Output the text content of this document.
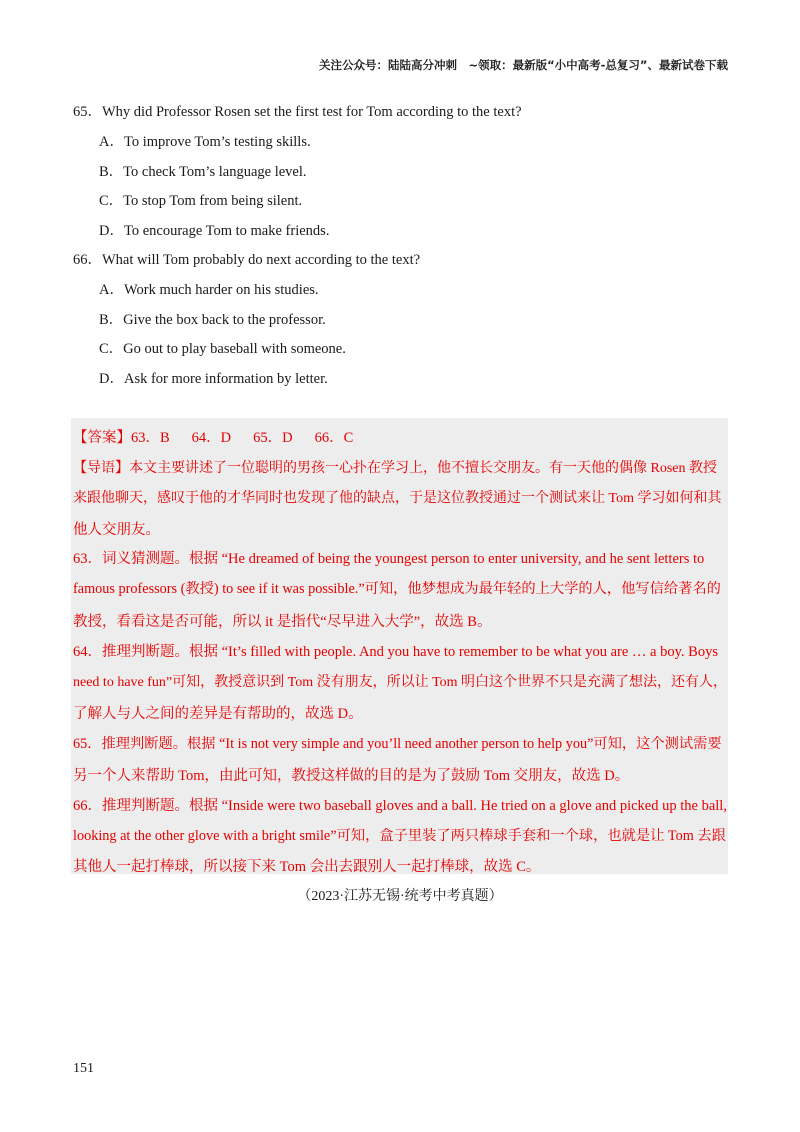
关注公众号：陆陆高分冲刺　~领取：最新版“小中高考-总复习”、最新试卷下载
65．Why did Professor Rosen set the first test for Tom according to the text?
A．To improve Tom’s testing skills.
B．To check Tom’s language level.
C．To stop Tom from being silent.
D．To encourage Tom to make friends.
66．What will Tom probably do next according to the text?
A．Work much harder on his studies.
B．Give the box back to the professor.
C．Go out to play baseball with someone.
D．Ask for more information by letter.
【答案】63．B 64．D 65．D 66．C
【导语】本文主要讲述了一位聪明的男孩一心扑在学习上，他不擅长交朋友。有一天他的偶像 Rosen 教授
来跟他聊天，感叹于他的才华同时也发现了他的缺点，于是这位教授通过一个测试来让 Tom 学习如何和其
他人交朋友。
63．词义猜测题。根据 “He dreamed of being the youngest person to enter university, and he sent letters to
famous professors (教授) to see if it was possible.”可知，他梦想成为最年轻的上大学的人，他写信给著名的
教授，看看这是否可能，所以 it 是指代“尽早进入大学”，故选 B。
64．推理判断题。根据 “It’s filled with people. And you have to remember to be what you are … a boy. Boys
need to have fun”可知，教授意识到 Tom 没有朋友，所以让 Tom 明白这个世界不只是充满了想法，还有人，
了解人与人之间的差异是有帮助的，故选 D。
65．推理判断题。根据 “It is not very simple and you’ll need another person to help you”可知，这个测试需要
另一个人来帮助 Tom，由此可知，教授这样做的目的是为了鼓励 Tom 交朋友，故选 D。
66．推理判断题。根据 “Inside were two baseball gloves and a ball. He tried on a glove and picked up the ball,
looking at the other glove with a bright smile”可知，盒子里装了两只棒球手套和一个球，也就是让 Tom 去跟
其他人一起打棒球，所以接下来 Tom 会出去跟别人一起打棒球，故选 C。
（2023·江苏无锡·统考中考真题）
151
